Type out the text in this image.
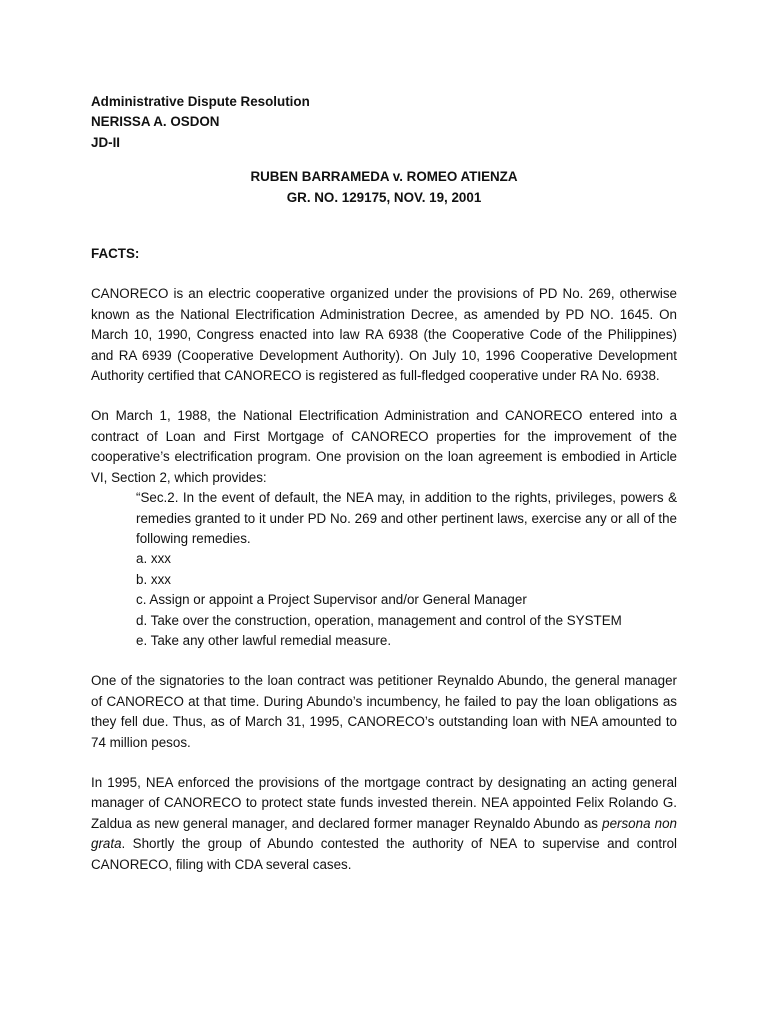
Administrative Dispute Resolution
NERISSA A. OSDON
JD-II
RUBEN BARRAMEDA v. ROMEO ATIENZA
GR. NO. 129175, NOV. 19, 2001
FACTS:

CANORECO is an electric cooperative organized under the provisions of PD No. 269, otherwise known as the National Electrification Administration Decree, as amended by PD NO. 1645. On March 10, 1990, Congress enacted into law RA 6938 (the Cooperative Code of the Philippines) and RA 6939 (Cooperative Development Authority). On July 10, 1996 Cooperative Development Authority certified that CANORECO is registered as full-fledged cooperative under RA No. 6938.

On March 1, 1988, the National Electrification Administration and CANORECO entered into a contract of Loan and First Mortgage of CANORECO properties for the improvement of the cooperative’s electrification program. One provision on the loan agreement is embodied in Article VI, Section 2, which provides:

“Sec.2. In the event of default, the NEA may, in addition to the rights, privileges, powers & remedies granted to it under PD No. 269 and other pertinent laws, exercise any or all of the following remedies.
a. xxx
b. xxx
c. Assign or appoint a Project Supervisor and/or General Manager
d. Take over the construction, operation, management and control of the SYSTEM
e. Take any other lawful remedial measure.

One of the signatories to the loan contract was petitioner Reynaldo Abundo, the general manager of CANORECO at that time. During Abundo’s incumbency, he failed to pay the loan obligations as they fell due. Thus, as of March 31, 1995, CANORECO’s outstanding loan with NEA amounted to 74 million pesos.

In 1995, NEA enforced the provisions of the mortgage contract by designating an acting general manager of CANORECO to protect state funds invested therein. NEA appointed Felix Rolando G. Zaldua as new general manager, and declared former manager Reynaldo Abundo as persona non grata. Shortly the group of Abundo contested the authority of NEA to supervise and control CANORECO, filing with CDA several cases.
